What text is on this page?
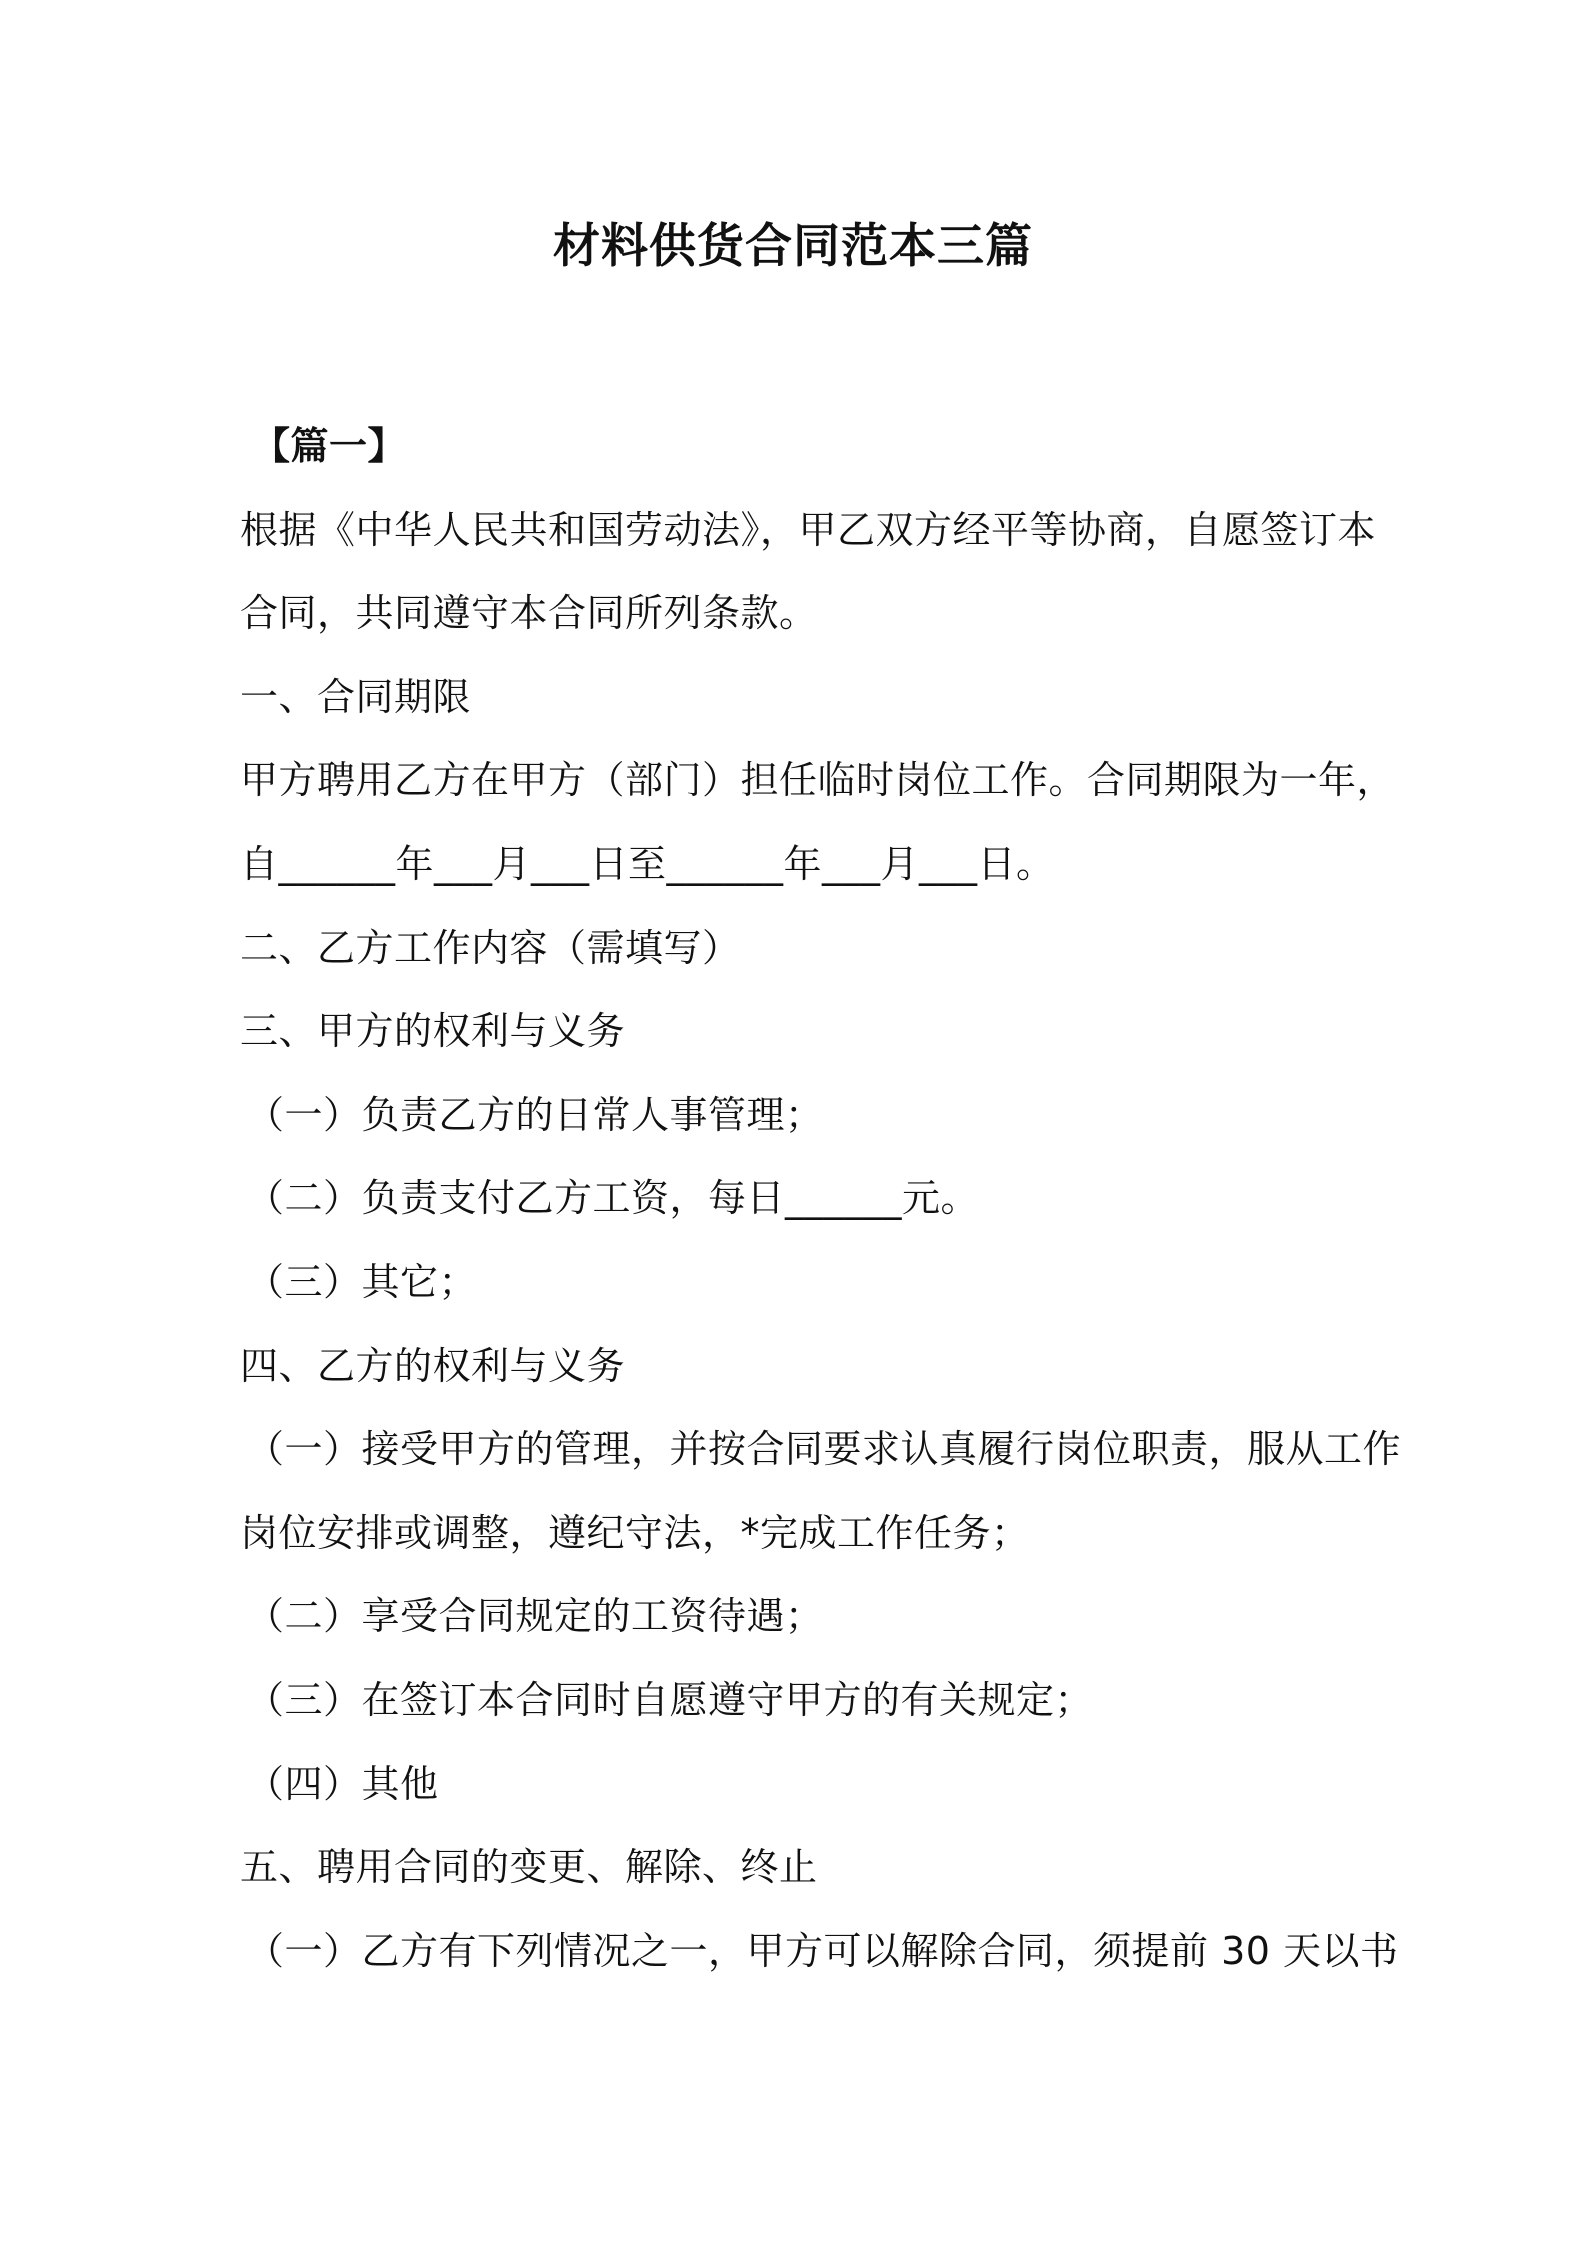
材料供货合同范本三篇

【篇一】

根据《中华人民共和国劳动法》，甲乙双方经平等协商，自愿签订本

合同，共同遵守本合同所列条款。

一、合同期限

甲方聘用乙方在甲方（部门）担任临时岗位工作。合同期限为一年，

自______年___月___日至______年___月___日。

二、乙方工作内容（需填写）

三、甲方的权利与义务

（一）负责乙方的日常人事管理；

（二）负责支付乙方工资，每日______元。

（三）其它；

四、乙方的权利与义务

（一）接受甲方的管理，并按合同要求认真履行岗位职责，服从工作

岗位安排或调整，遵纪守法，*完成工作任务；

（二）享受合同规定的工资待遇；

（三）在签订本合同时自愿遵守甲方的有关规定；

（四）其他

五、聘用合同的变更、解除、终止

（一）乙方有下列情况之一，甲方可以解除合同，须提前 30 天以书
